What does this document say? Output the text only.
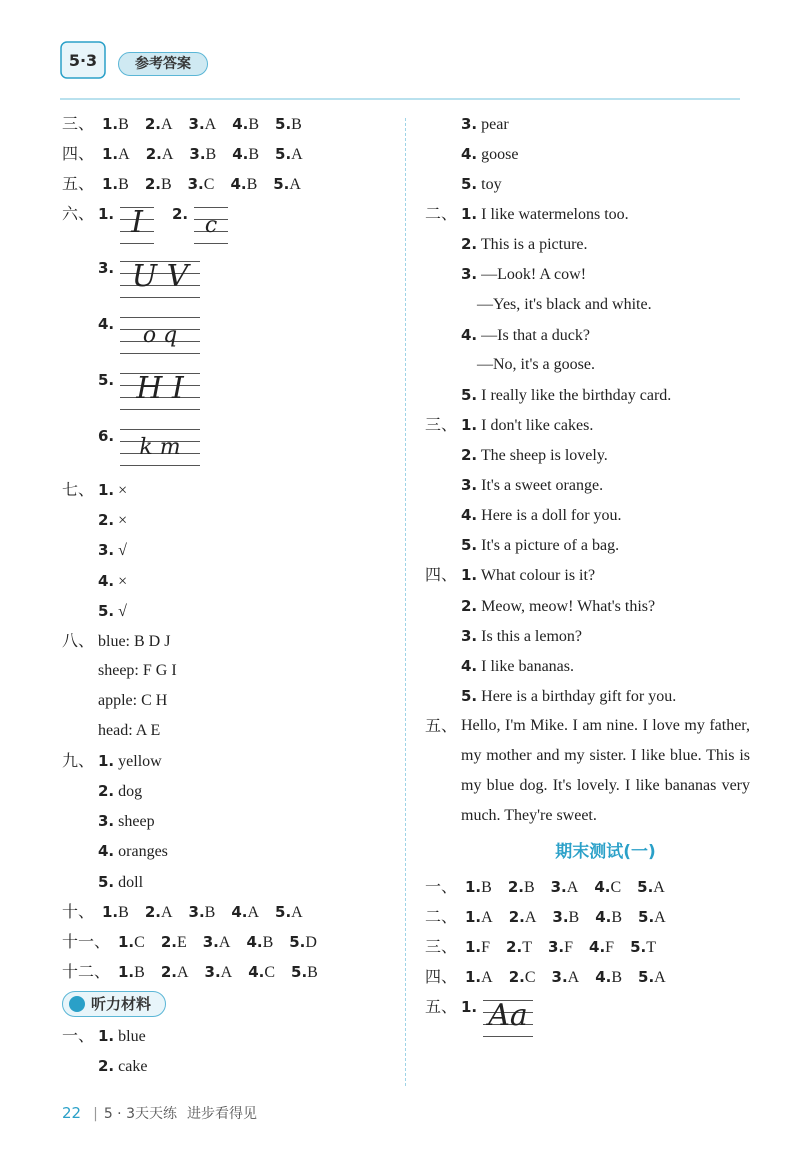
5·3	参考答案
三、 1.B 2.A 3.A 4.B 5.B
四、 1.A 2.A 3.B 4.B 5.A
五、 1.B 2.B 3.C 4.B 5.A
六、 1. I	2. c
3. U V
4.	o q
5. H I
6.	k m
七、 1. ×
2. ×
3. √
4. ×
5. √
八、 blue: B D J
sheep: F G I
apple: C H
head: A E
九、 1. yellow
2. dog
3. sheep
4. oranges
5. doll
十、 1.B 2.A 3.B 4.A 5.A
十一、 1.C 2.E 3.A 4.B 5.D
十二、 1.B 2.A 3.A 4.C 5.B
听力材料
一、 1. blue
2. cake
3. pear
4. goose
5. toy
二、 1. I like watermelons too.
2. This is a picture.
3. —Look! A cow!
—Yes, it's black and white.
4. —Is that a duck?
—No, it's a goose.
5. I really like the birthday card.
三、 1. I don't like cakes.
2. The sheep is lovely.
3. It's a sweet orange.
4. Here is a doll for you.
5. It's a picture of a bag.
四、 1. What colour is it?
2. Meow, meow! What's this?
3. Is this a lemon?
4. I like bananas.
5. Here is a birthday gift for you.
五、 Hello, I'm Mike. I am nine. I love my father, my mother and my sister. I like blue. This is my blue dog. It's lovely. I like bananas very much. They're sweet.
期末测试(一)
一、 1.B 2.B 3.A 4.C 5.A
二、 1.A 2.A 3.B 4.B 5.A
三、 1.F 2.T 3.F 4.F 5.T
四、 1.A 2.C 3.A 4.B 5.A
五、 1. Aa
22 | 5 · 3天天练 进步看得见
